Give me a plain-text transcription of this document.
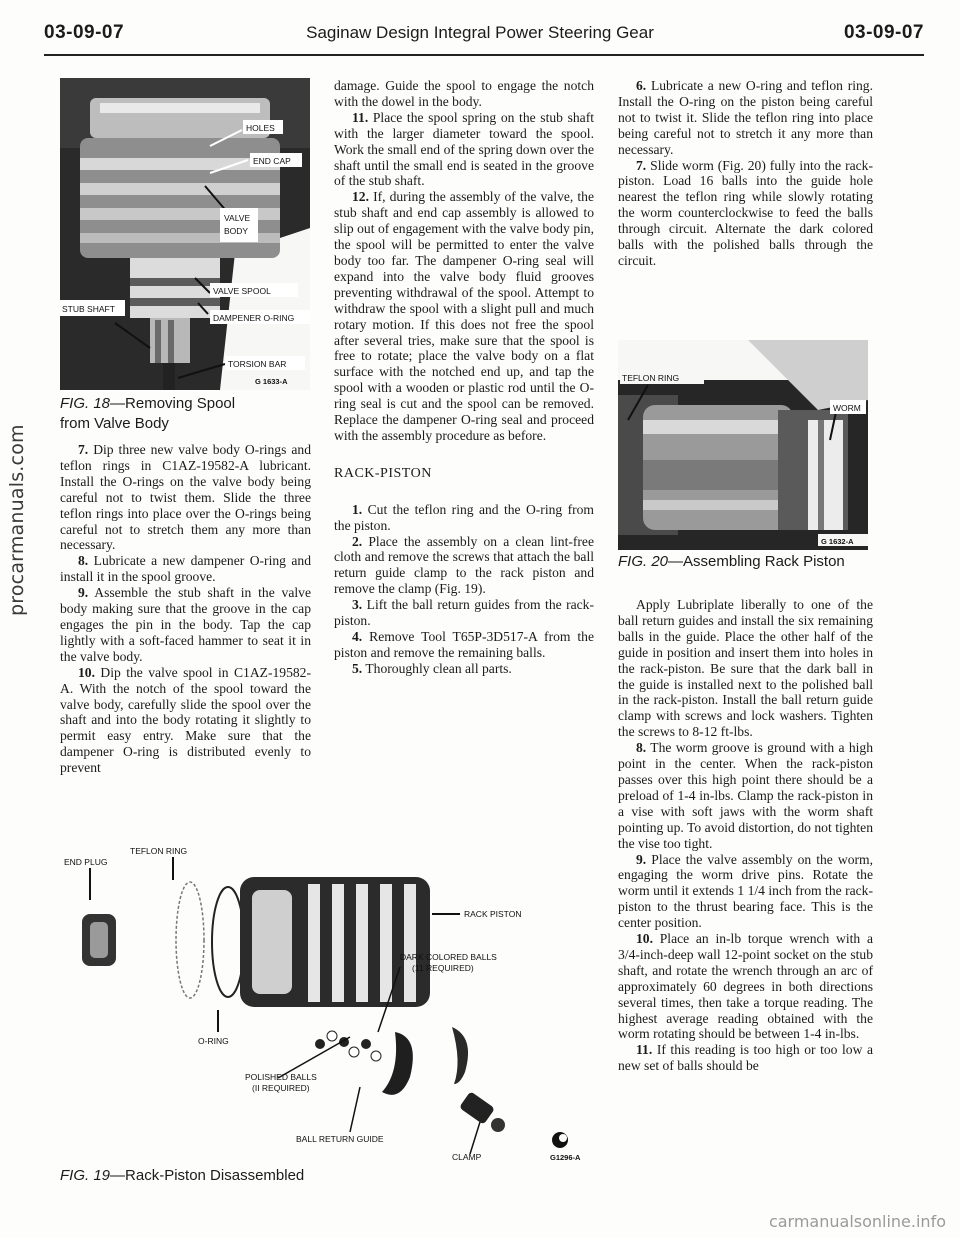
03-09-07	Saginaw Design Integral Power Steering Gear	03-09-07
HOLES
END CAP
VALVE
BODY
VALVE SPOOL
STUB SHAFT
DAMPENER O-RING
TORSION BAR
G 1633-A
FIG. 18—Removing Spool
from Valve Body

7. Dip three new valve body O-rings and teflon rings in C1AZ-19582-A lubricant. Install the O-rings on the valve body being careful not to twist them. Slide the three teflon rings into place over the O-rings being careful not to stretch them any more than necessary.

8. Lubricate a new dampener O-ring and install it in the spool groove.

9. Assemble the stub shaft in the valve body making sure that the groove in the cap engages the pin in the body. Tap the cap lightly with a soft-faced hammer to seat it in the valve body.

10. Dip the valve spool in C1AZ-19582-A. With the notch of the spool toward the valve body, carefully slide the spool over the shaft and into the body rotating it slightly to permit easy entry. Make sure that the dampener O-ring is distributed evenly to prevent

damage. Guide the spool to engage the notch with the dowel in the body.

11. Place the spool spring on the stub shaft with the larger diameter toward the spool. Work the small end of the spring down over the shaft until the small end is seated in the groove of the stub shaft.

12. If, during the assembly of the valve, the stub shaft and end cap assembly is allowed to slip out of engagement with the valve body pin, the spool will be permitted to enter the valve body too far. The dampener O-ring seal will expand into the valve body fluid grooves preventing withdrawal of the spool. Attempt to withdraw the spool with a slight pull and much rotary motion. If this does not free the spool after several tries, make sure that the spool is free to rotate; place the valve body on a flat surface with the notched end up, and tap the spool with a wooden or plastic rod until the O-ring seal is cut and the spool can be removed. Replace the dampener O-ring seal and proceed with the assembly procedure as before.

RACK-PISTON

1. Cut the teflon ring and the O-ring from the piston.

2. Place the assembly on a clean lint-free cloth and remove the screws that attach the ball return guide clamp to the rack piston and remove the clamp (Fig. 19).

3. Lift the ball return guides from the rack-piston.

4. Remove Tool T65P-3D517-A from the piston and remove the remaining balls.

5. Thoroughly clean all parts.

TEFLON RING
WORM
G 1632-A
FIG. 20—Assembling Rack Piston

6. Lubricate a new O-ring and teflon ring. Install the O-ring on the piston being careful not to twist it. Slide the teflon ring into place being careful not to stretch it any more than necessary.

7. Slide worm (Fig. 20) fully into the rack-piston. Load 16 balls into the guide hole nearest the teflon ring while slowly rotating the worm counterclockwise to feed the balls through circuit. Alternate the dark colored balls with the polished balls through the circuit.

Apply Lubriplate liberally to one of the ball return guides and install the six remaining balls in the guide. Place the other half of the guide in position and insert them into holes in the rack-piston. Be sure that the dark ball in the guide is installed next to the polished ball in the rack-piston. Install the ball return guide clamp with screws and lock washers. Tighten the screws to 8-12 ft-lbs.

8. The worm groove is ground with a high point in the center. When the rack-piston passes over this high point there should be a preload of 1-4 in-lbs. Clamp the rack-piston in a vise with soft jaws with the worm shaft pointing up. To avoid distortion, do not tighten the vise too tight.

9. Place the valve assembly on the worm, engaging the worm drive pins. Rotate the worm until it extends 1 1/4 inch from the rack-piston to the thrust bearing face. This is the center position.

10. Place an in-lb torque wrench with a 3/4-inch-deep wall 12-point socket on the stub shaft, and rotate the wrench through an arc of approximately 60 degrees in both directions several times, then take a torque reading. The highest average reading obtained with the worm rotating should be between 1-4 in-lbs.

11. If this reading is too high or too low a new set of balls should be

TEFLON RING
END PLUG
RACK PISTON
DARK COLORED BALLS
(11 REQUIRED)
O-RING
POLISHED BALLS
(II REQUIRED)
BALL RETURN GUIDE
CLAMP	G1296-A
FIG. 19—Rack-Piston Disassembled
procarmanuals.com
carmanualsonline.info
